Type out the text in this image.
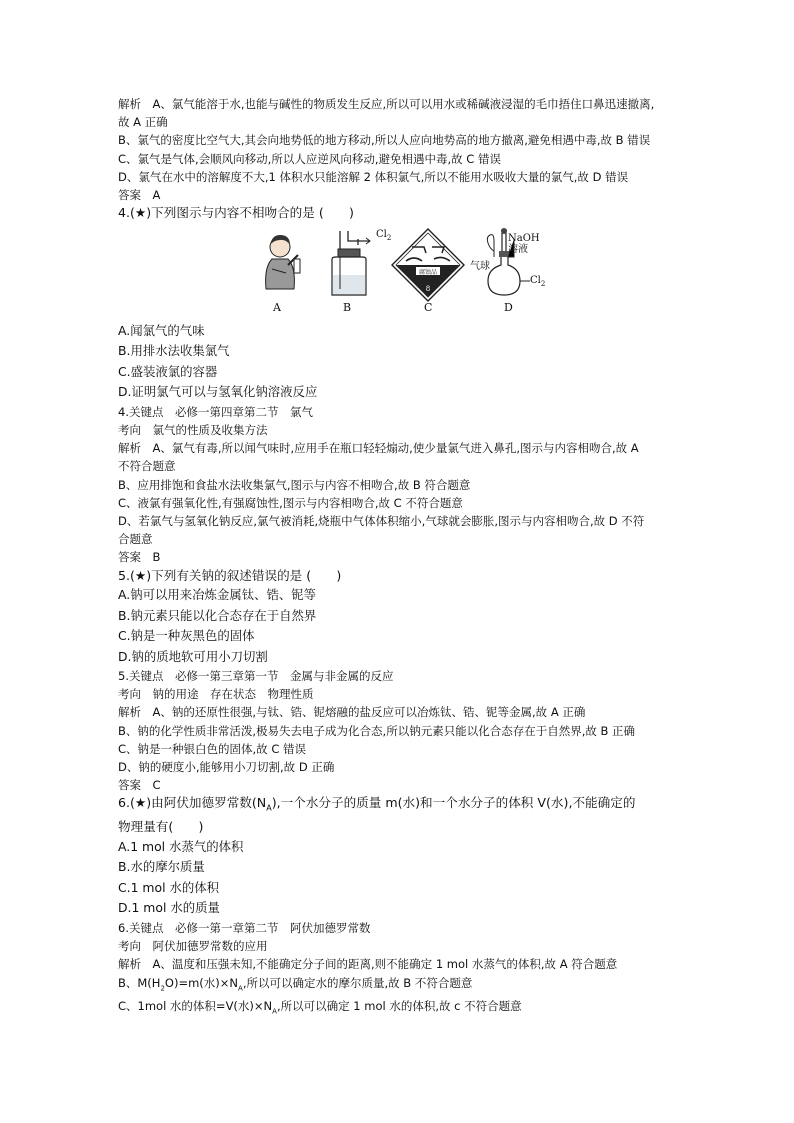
解析　A、氯气能溶于水,也能与碱性的物质发生反应,所以可以用水或稀碱液浸湿的毛巾捂住口鼻迅速撤离,
故 A 正确
B、氯气的密度比空气大,其会向地势低的地方移动,所以人应向地势高的地方撤离,避免相遇中毒,故 B 错误
C、氯气是气体,会顺风向移动,所以人应逆风向移动,避免相遇中毒,故 C 错误
D、氯气在水中的溶解度不大,1 体积水只能溶解 2 体积氯气,所以不能用水吸收大量的氯气,故 D 错误
答案　A
4.(★)下列图示与内容不相吻合的是 (　　)
A
$Cl_2$
B
腐蚀品
8
C
NaOH
溶液
气球
$Cl_2$
D
A.闻氯气的气味
B.用排水法收集氯气
C.盛装液氯的容器
D.证明氯气可以与氢氧化钠溶液反应
4.关键点　必修一第四章第二节　氯气
考向　氯气的性质及收集方法
解析　A、氯气有毒,所以闻气味时,应用手在瓶口轻轻煽动,使少量氯气进入鼻孔,图示与内容相吻合,故 A
不符合题意
B、应用排饱和食盐水法收集氯气,图示与内容不相吻合,故 B 符合题意
C、液氯有强氧化性,有强腐蚀性,图示与内容相吻合,故 C 不符合题意
D、若氯气与氢氧化钠反应,氯气被消耗,烧瓶中气体体积缩小,气球就会膨胀,图示与内容相吻合,故 D 不符
合题意
答案　B
5.(★)下列有关钠的叙述错误的是 (　　)
A.钠可以用来冶炼金属钛、锆、铌等
B.钠元素只能以化合态存在于自然界
C.钠是一种灰黑色的固体
D.钠的质地软可用小刀切割
5.关键点　必修一第三章第一节　金属与非金属的反应
考向　钠的用途　存在状态　物理性质
解析　A、钠的还原性很强,与钛、锆、铌熔融的盐反应可以冶炼钛、锆、铌等金属,故 A 正确
B、钠的化学性质非常活泼,极易失去电子成为化合态,所以钠元素只能以化合态存在于自然界,故 B 正确
C、钠是一种银白色的固体,故 C 错误
D、钠的硬度小,能够用小刀切割,故 D 正确
答案　C
6.(★)由阿伏加德罗常数$(N_A)$,一个水分子的质量 m(水)和一个水分子的体积 V(水),不能确定的
物理量有(　　)
A.1 mol 水蒸气的体积
B.水的摩尔质量
C.1 mol 水的体积
D.1 mol 水的质量
6.关键点　必修一第一章第二节　阿伏加德罗常数
考向　阿伏加德罗常数的应用
解析　A、温度和压强未知,不能确定分子间的距离,则不能确定 1 mol 水蒸气的体积,故 A 符合题意
B、$M(H_2O)=m$(水)$\times N_A$,所以可以确定水的摩尔质量,故 B 不符合题意
C、1mol 水的体积=V(水)$\times N_A$,所以可以确定 1 mol 水的体积,故 c 不符合题意
